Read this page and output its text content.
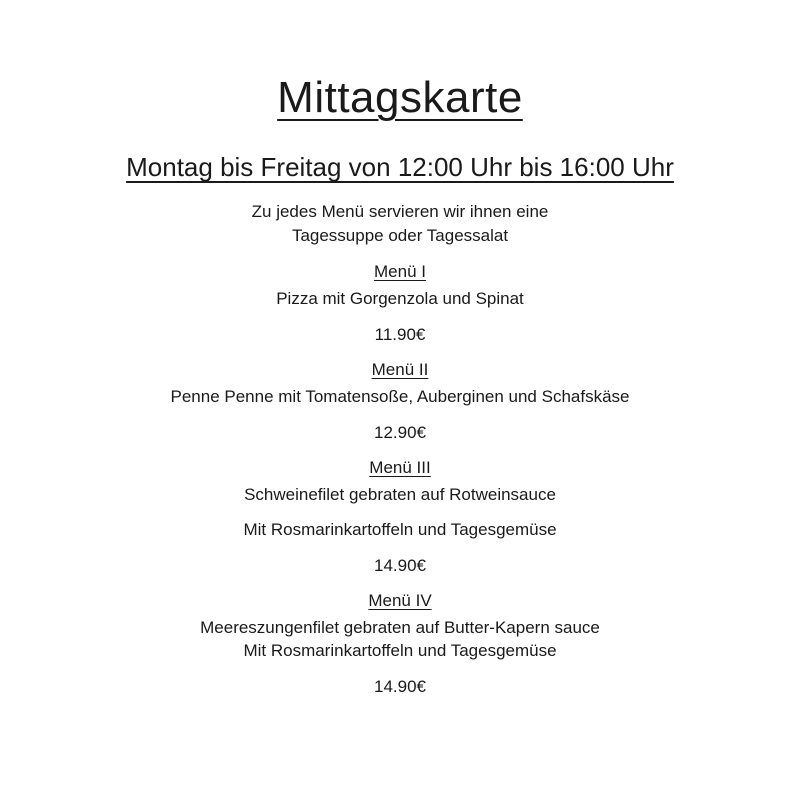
Mittagskarte
Montag bis Freitag von 12:00 Uhr bis 16:00 Uhr
Zu jedes Menü servieren wir ihnen eine
Tagessuppe oder Tagessalat
Menü I
Pizza mit Gorgenzola und Spinat
11.90€
Menü II
Penne Penne mit Tomatensoße, Auberginen und Schafskäse
12.90€
Menü III
Schweinefilet gebraten auf Rotweinsauce
Mit Rosmarinkartoffeln und Tagesgemüse
14.90€
Menü IV
Meereszungenfilet gebraten auf Butter-Kapern sauce
Mit Rosmarinkartoffeln und Tagesgemüse
14.90€
